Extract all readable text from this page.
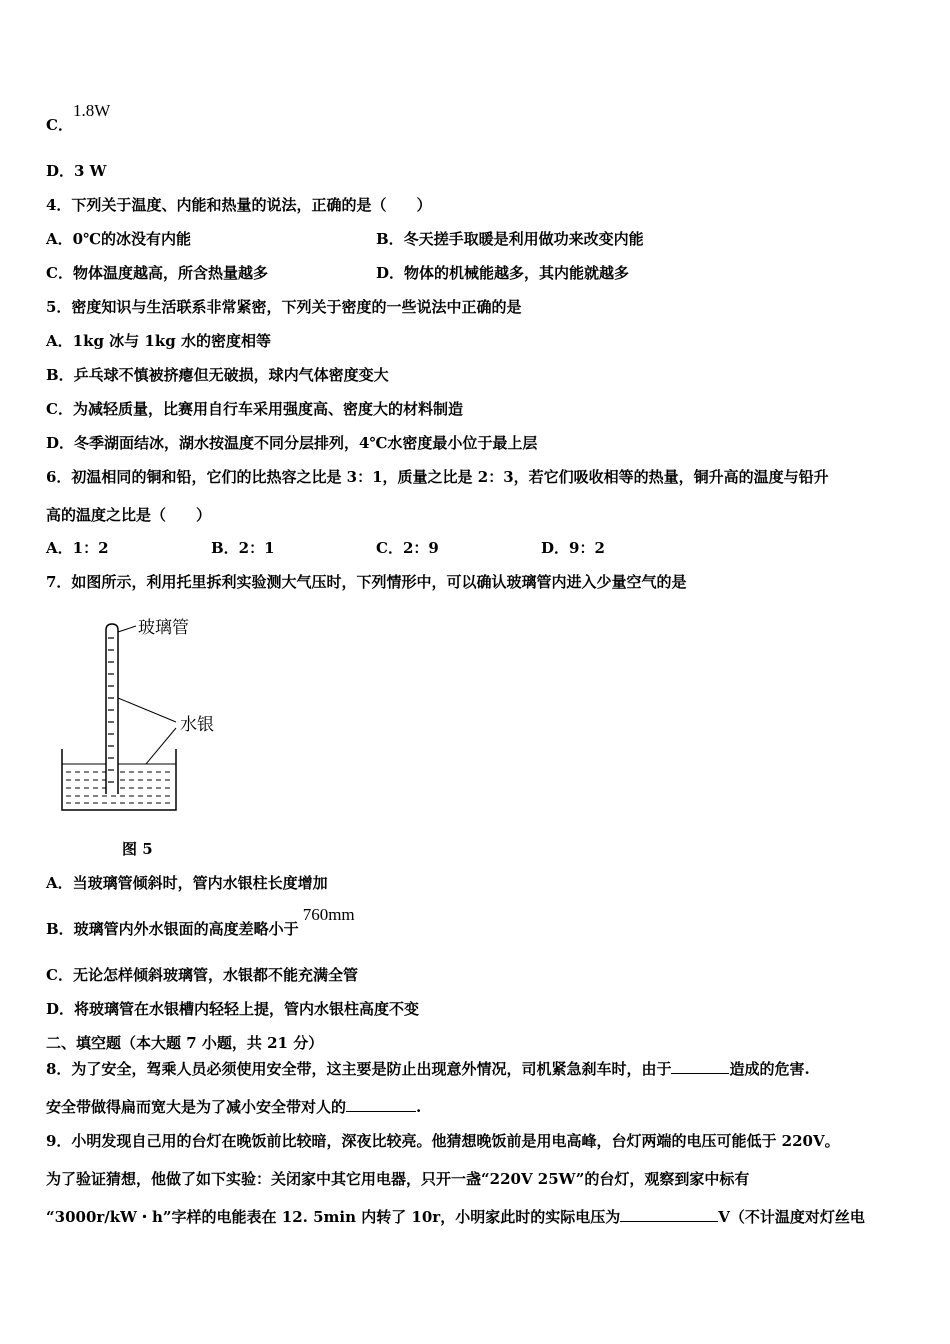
C．1.8W
D．3 W
4．下列关于温度、内能和热量的说法，正确的是（　　）
A．0℃的冰没有内能	B．冬天搓手取暖是利用做功来改变内能
C．物体温度越高，所含热量越多	D．物体的机械能越多，其内能就越多
5．密度知识与生活联系非常紧密，下列关于密度的一些说法中正确的是
A．1kg 冰与 1kg 水的密度相等
B．乒乓球不慎被挤瘪但无破损，球内气体密度变大
C．为减轻质量，比赛用自行车采用强度高、密度大的材料制造
D．冬季湖面结冰，湖水按温度不同分层排列，4℃水密度最小位于最上层
6．初温相同的铜和铅，它们的比热容之比是 3：1，质量之比是 2：3，若它们吸收相等的热量，铜升高的温度与铅升
高的温度之比是（　　）
A．1：2	B．2：1	C．2：9	D．9：2
7．如图所示，利用托里拆利实验测大气压时，下列情形中，可以确认玻璃管内进入少量空气的是
玻璃管
水银
图 5
A．当玻璃管倾斜时，管内水银柱长度增加
B．玻璃管内外水银面的高度差略小于760mm
C．无论怎样倾斜玻璃管，水银都不能充满全管
D．将玻璃管在水银槽内轻轻上提，管内水银柱高度不变
二、填空题（本大题 7 小题，共 21 分）
8．为了安全，驾乘人员必须使用安全带，这主要是防止出现意外情况，司机紧急刹车时，由于	造成的危害.
安全带做得扁而宽大是为了减小安全带对人的	.
9．小明发现自己用的台灯在晚饭前比较暗，深夜比较亮。他猜想晚饭前是用电高峰，台灯两端的电压可能低于 220V。
为了验证猜想，他做了如下实验：关闭家中其它用电器，只开一盏“220V 25W”的台灯，观察到家中标有
“3000r/kW・h”字样的电能表在 12. 5min 内转了 10r，小明家此时的实际电压为	V（不计温度对灯丝电
